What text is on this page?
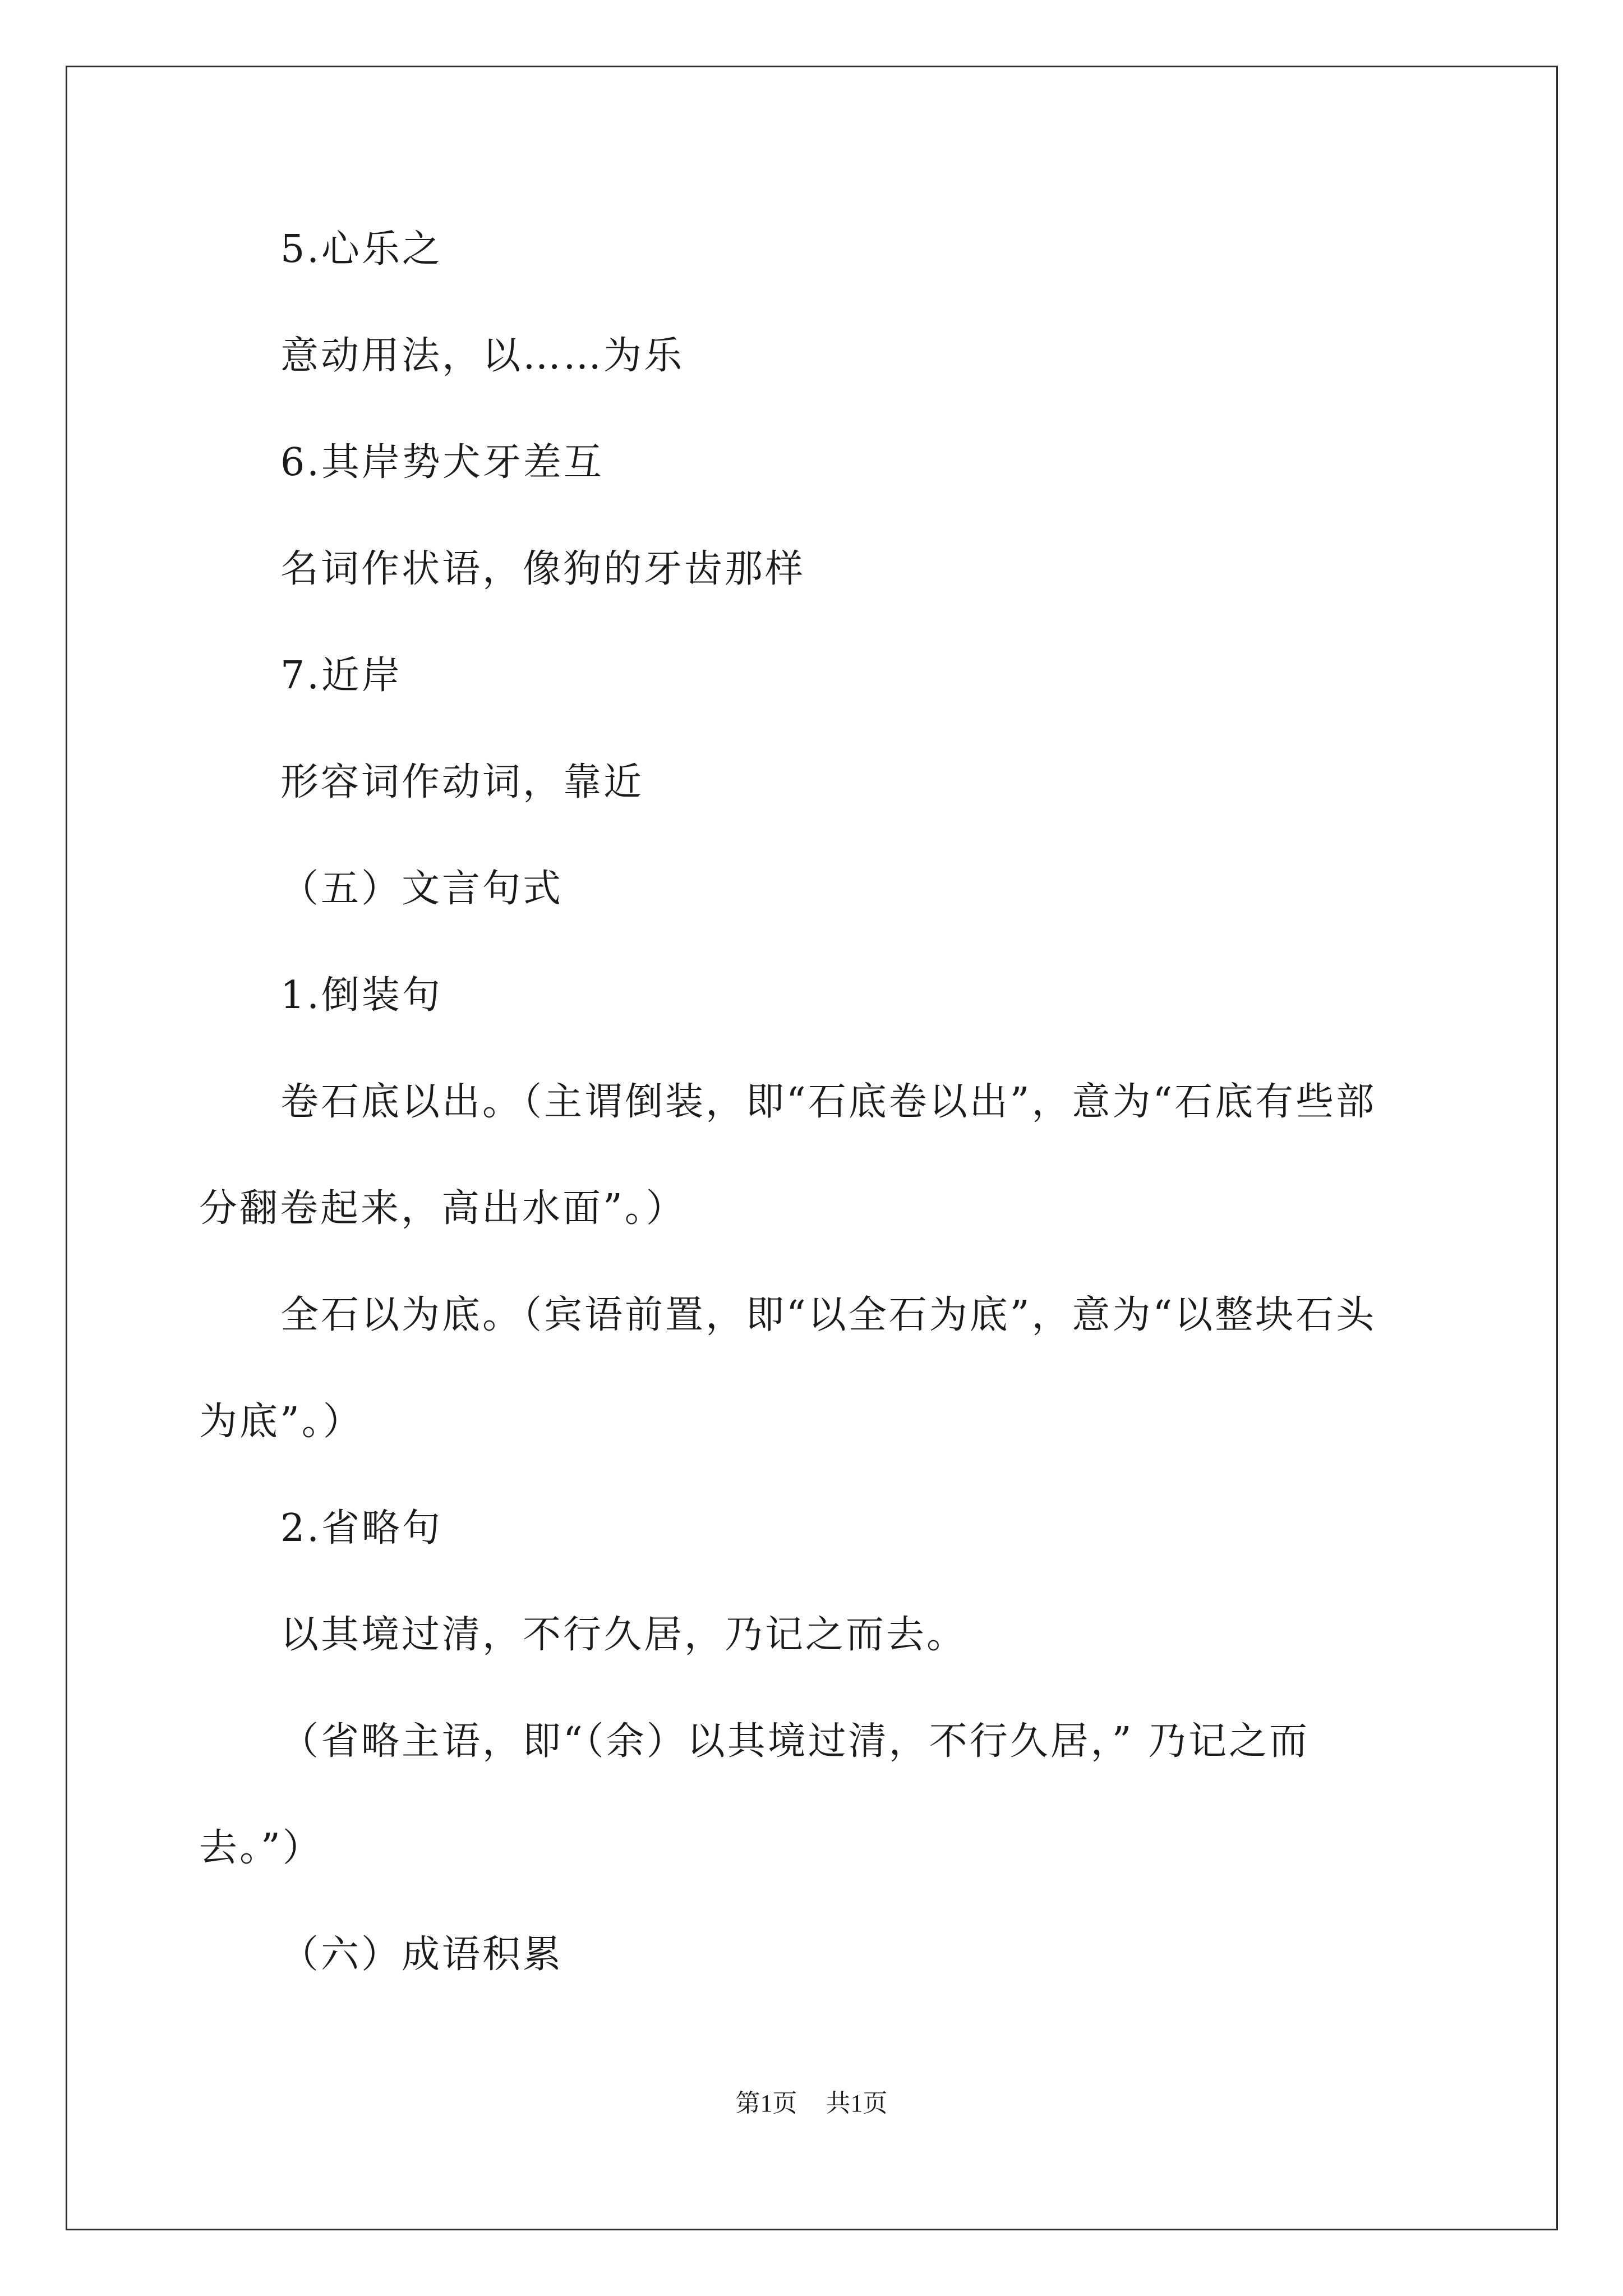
5.心乐之
意动用法，以……为乐
6.其岸势犬牙差互
名词作状语，像狗的牙齿那样
7.近岸
形容词作动词，靠近
（五）文言句式
1.倒装句
卷石底以出。（主谓倒装，即“石底卷以出”，意为“石底有些部
分翻卷起来，高出水面”。）
全石以为底。（宾语前置，即“以全石为底”，意为“以整块石头
为底”。）
2.省略句
以其境过清，不行久居，乃记之而去。
（省略主语，即“（余）以其境过清，不行久居，” 乃记之而
去。”）
（六）成语积累
第1页 共1页
